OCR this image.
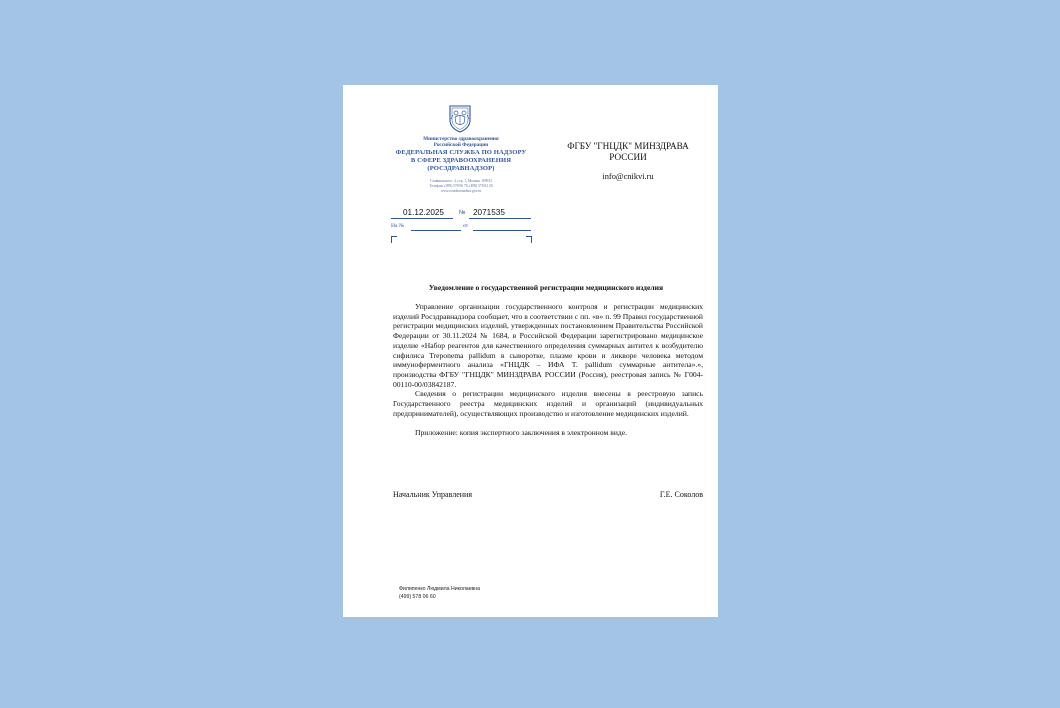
Министерство здравоохранения
Российской Федерации
ФЕДЕРАЛЬНАЯ СЛУЖБА ПО НАДЗОРУ
В СФЕРЕ ЗДРАВООХРАНЕНИЯ
(РОСЗДРАВНАДЗОР)
Славянская пл. 4, стр. 1, Москва, 109012
Телефон: (499) 578 06 70; (499) 578 02 20
www.roszdravnadzor.gov.ru
ФГБУ "ГНЦДК" МИНЗДРАВА
РОССИИ
info@cnikvi.ru
01.12.2025	№ 2071535
На №	от
Уведомление о государственной регистрации медицинского изделия

Управление организации государственного контроля и регистрации медицинских изделий Росздравнадзора сообщает, что в соответствии с пп. «в» п. 99 Правил государственной регистрации медицинских изделий, утвержденных постановлением Правительства Российской Федерации от 30.11.2024 № 1684, в Российской Федерации зарегистрировано медицинское изделие «Набор реагентов для качественного определения суммарных антител к возбудителю сифилиса Treponema pallidum в сыворотке, плазме крови и ликворе человека методом иммуноферментного анализа «ГНЦДК – ИФА T. pallidum суммарные антитела».», производства ФГБУ "ГНЦДК" МИНЗДРАВА РОССИИ (Россия), реестровая запись № Г004-00110-00/03842187.

Сведения о регистрации медицинского изделия внесены в реестровую запись Государственного реестра медицинских изделий и организаций (индивидуальных предпринимателей), осуществляющих производство и изготовление медицинских изделий.

Приложение: копия экспертного заключения в электронном виде.

Начальник Управления	Г.Е. Соколов
Филипенко Людмила Николаевна
(499) 578 06 60
